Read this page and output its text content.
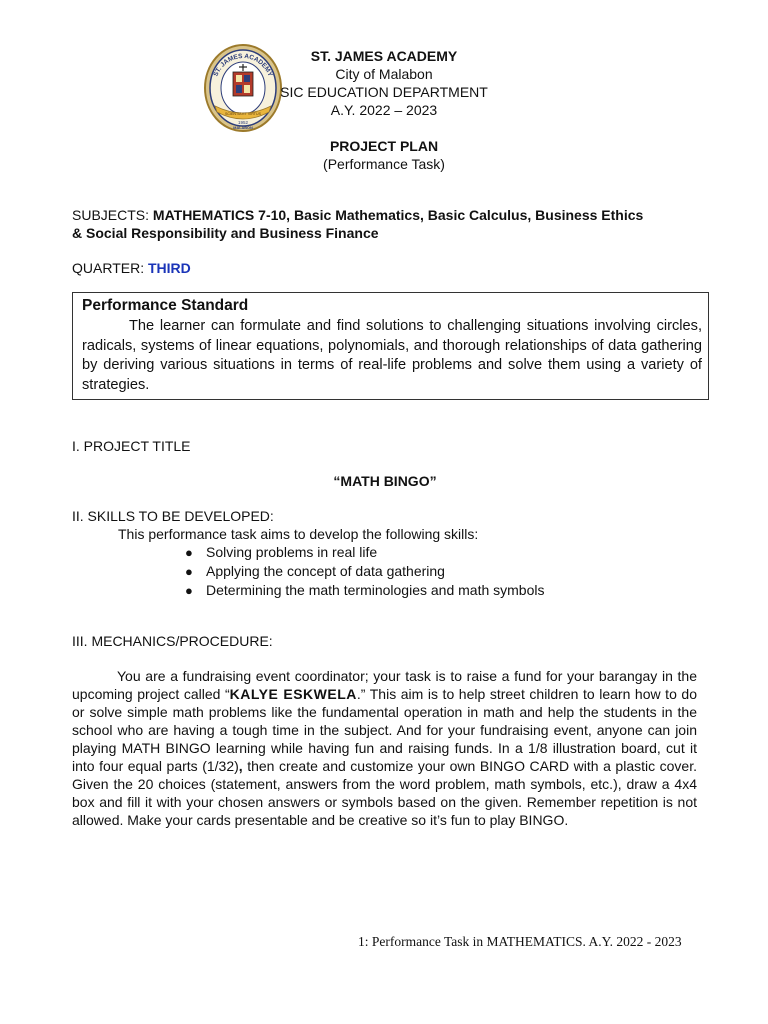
ST. JAMES ACADEMY
SCIENTIA ET VIRTUS
1952
MALABON
ST. JAMES ACADEMY
City of Malabon
SIC EDUCATION DEPARTMENT
A.Y. 2022 – 2023
PROJECT PLAN
(Performance Task)
SUBJECTS: MATHEMATICS 7-10, Basic Mathematics, Basic Calculus, Business Ethics
& Social Responsibility and Business Finance
QUARTER: THIRD
Performance Standard
The learner can formulate and find solutions to challenging situations involving circles, radicals, systems of linear equations, polynomials, and thorough relationships of data gathering by deriving various situations in terms of real-life problems and solve them using a variety of strategies.
I. PROJECT TITLE
“MATH BINGO”
II. SKILLS TO BE DEVELOPED:
This performance task aims to develop the following skills:
● Solving problems in real life
● Applying the concept of data gathering
● Determining the math terminologies and math symbols
III. MECHANICS/PROCEDURE:
You are a fundraising event coordinator; your task is to raise a fund for your barangay in the upcoming project called “KALYE ESKWELA.” This aim is to help street children to learn how to do or solve simple math problems like the fundamental operation in math and help the students in the school who are having a tough time in the subject. And for your fundraising event, anyone can join playing MATH BINGO learning while having fun and raising funds. In a 1/8 illustration board, cut it into four equal parts (1/32), then create and customize your own BINGO CARD with a plastic cover. Given the 20 choices (statement, answers from the word problem, math symbols, etc.), draw a 4x4 box and fill it with your chosen answers or symbols based on the given. Remember repetition is not allowed. Make your cards presentable and be creative so it’s fun to play BINGO.
1: Performance Task in MATHEMATICS. A.Y. 2022 - 2023
